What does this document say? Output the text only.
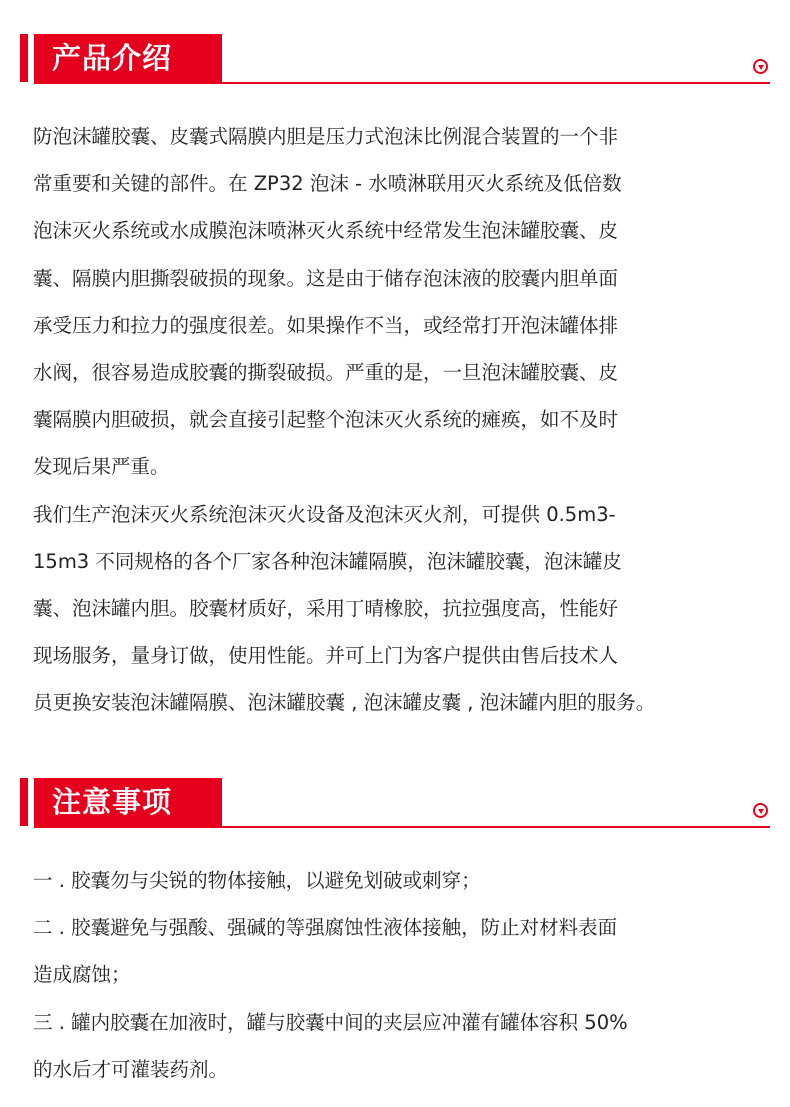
产品介绍
防泡沫罐胶囊、皮囊式隔膜内胆是压力式泡沫比例混合装置的一个非
常重要和关键的部件。在 ZP32 泡沫 - 水喷淋联用灭火系统及低倍数
泡沫灭火系统或水成膜泡沫喷淋灭火系统中经常发生泡沫罐胶囊、皮
囊、隔膜内胆撕裂破损的现象。这是由于储存泡沫液的胶囊内胆单面
承受压力和拉力的强度很差。如果操作不当，或经常打开泡沫罐体排
水阀，很容易造成胶囊的撕裂破损。严重的是，一旦泡沫罐胶囊、皮
囊隔膜内胆破损，就会直接引起整个泡沫灭火系统的瘫痪，如不及时
发现后果严重。
我们生产泡沫灭火系统泡沫灭火设备及泡沫灭火剂，可提供 0.5m3-
15m3 不同规格的各个厂家各种泡沫罐隔膜，泡沫罐胶囊，泡沫罐皮
囊、泡沫罐内胆。胶囊材质好，采用丁晴橡胶，抗拉强度高，性能好
现场服务，量身订做，使用性能。并可上门为客户提供由售后技术人
员更换安装泡沫罐隔膜、泡沫罐胶囊 , 泡沫罐皮囊 , 泡沫罐内胆的服务。
注意事项
一 . 胶囊勿与尖锐的物体接触，以避免划破或刺穿；
二 . 胶囊避免与强酸、强碱的等强腐蚀性液体接触，防止对材料表面
造成腐蚀；
三 . 罐内胶囊在加液时，罐与胶囊中间的夹层应冲灌有罐体容积 50%
的水后才可灌装药剂。
